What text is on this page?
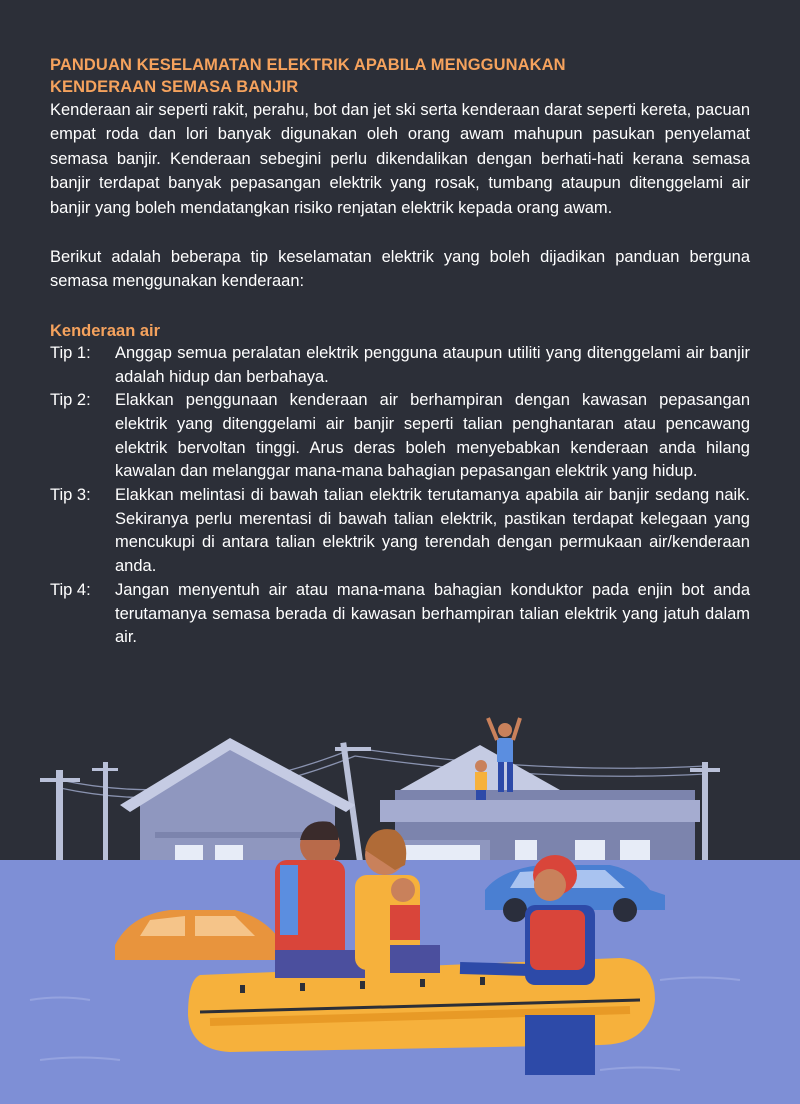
PANDUAN KESELAMATAN ELEKTRIK APABILA MENGGUNAKAN

KENDERAAN SEMASA BANJIR

Kenderaan air seperti rakit, perahu, bot dan jet ski serta kenderaan darat seperti kereta, pacuan empat roda dan lori banyak digunakan oleh orang awam mahupun pasukan penyelamat semasa banjir. Kenderaan sebegini perlu dikendalikan dengan berhati-hati kerana semasa banjir terdapat banyak pepasangan elektrik yang rosak, tumbang ataupun ditenggelami air banjir yang boleh mendatangkan risiko renjatan elektrik kepada orang awam.

Berikut adalah beberapa tip keselamatan elektrik yang boleh dijadikan panduan berguna semasa menggunakan kenderaan:

Kenderaan air

Tip 1:	Anggap semua peralatan elektrik pengguna ataupun utiliti yang ditenggelami air banjir adalah hidup dan berbahaya.
Tip 2:	Elakkan penggunaan kenderaan air berhampiran dengan kawasan pepasangan elektrik yang ditenggelami air banjir seperti talian penghantaran atau pencawang elektrik bervoltan tinggi. Arus deras boleh menyebabkan kenderaan anda hilang kawalan dan melanggar mana-mana bahagian pepasangan elektrik yang hidup.
Tip 3:	Elakkan melintasi di bawah talian elektrik terutamanya apabila air banjir sedang naik. Sekiranya perlu merentasi di bawah talian elektrik, pastikan terdapat kelegaan yang mencukupi di antara talian elektrik yang terendah dengan permukaan air/kenderaan anda.
Tip 4:	Jangan menyentuh air atau mana-mana bahagian konduktor pada enjin bot anda terutamanya semasa berada di kawasan berhampiran talian elektrik yang jatuh dalam air.
